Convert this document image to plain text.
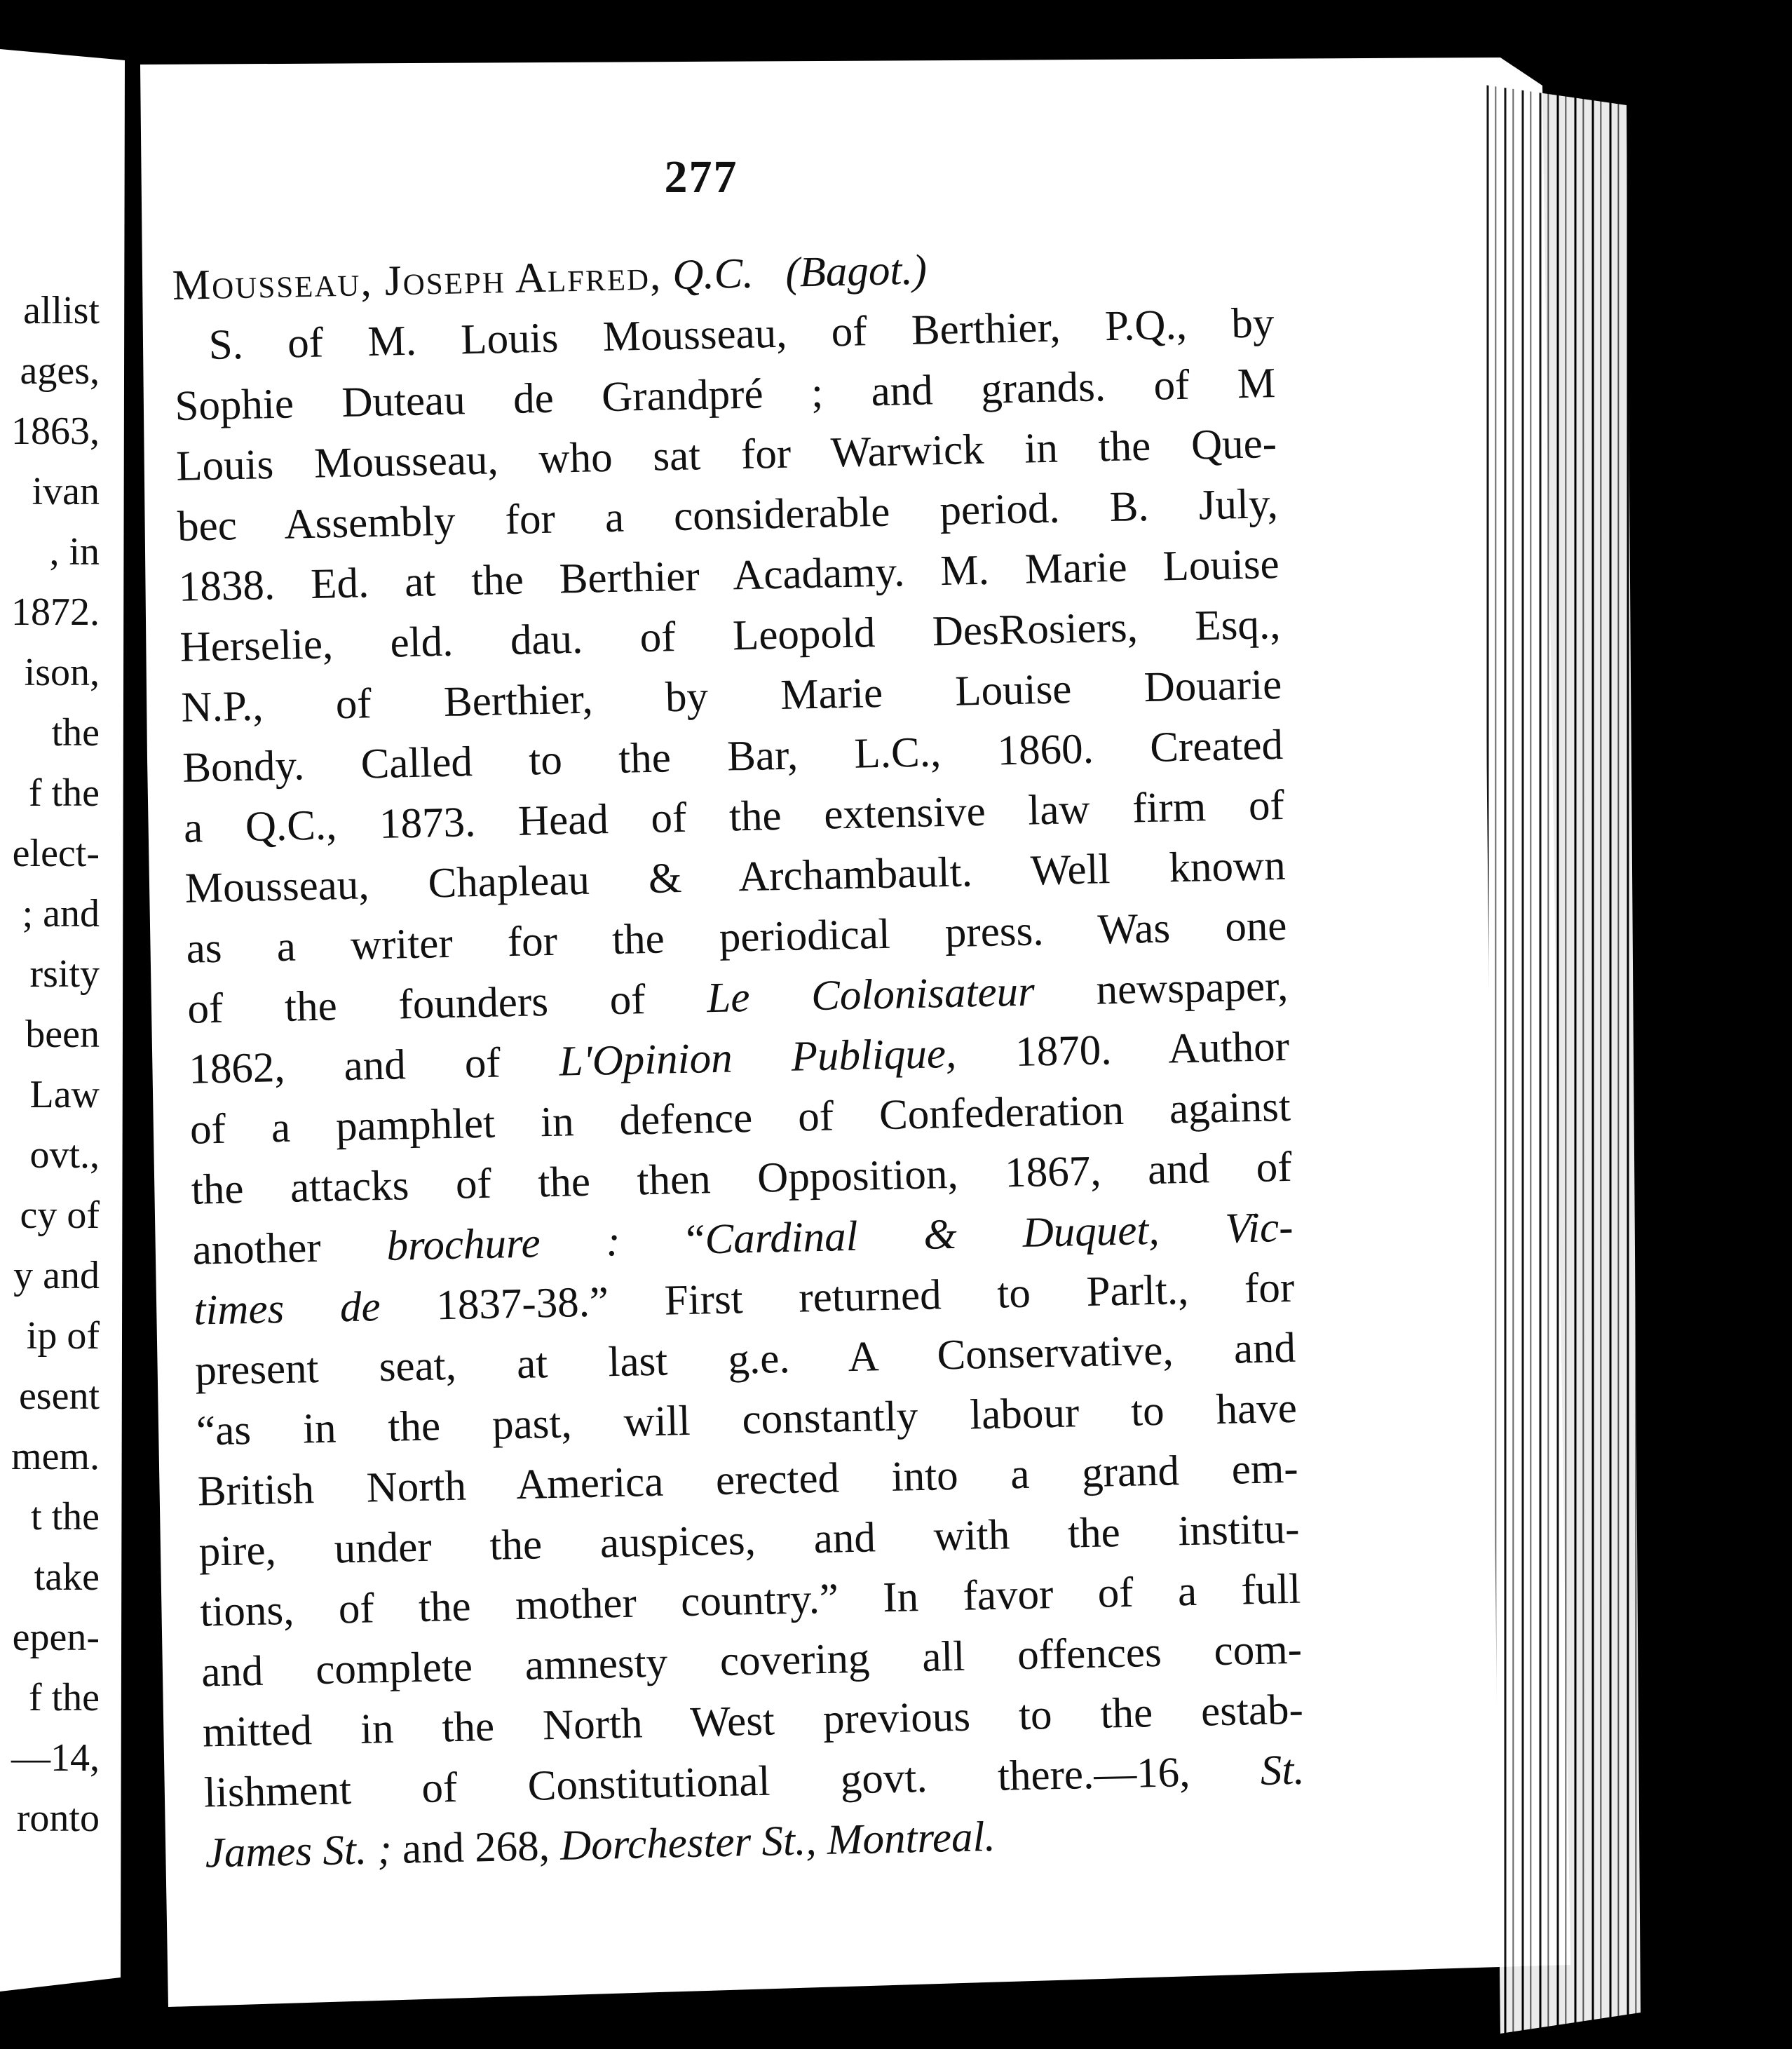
277
Mousseau, Joseph Alfred, Q.C. (Bagot.)
S. of M. Louis Mousseau, of Berthier, P.Q., by
Sophie Duteau de Grandpré ; and grands. of M
Louis Mousseau, who sat for Warwick in the Que-
bec Assembly for a considerable period. B. July,
1838. Ed. at the Berthier Acadamy. M. Marie Louise
Herselie, eld. dau. of Leopold DesRosiers, Esq.,
N.P., of Berthier, by Marie Louise Douarie
Bondy. Called to the Bar, L.C., 1860. Created
a Q.C., 1873. Head of the extensive law firm of
Mousseau, Chapleau & Archambault. Well known
as a writer for the periodical press. Was one
of the founders of Le Colonisateur newspaper,
1862, and of L'Opinion Publique, 1870. Author
of a pamphlet in defence of Confederation against
the attacks of the then Opposition, 1867, and of
another brochure : “Cardinal & Duquet, Vic-
times de 1837-38.” First returned to Parlt., for
present seat, at last g.e. A Conservative, and
“as in the past, will constantly labour to have
British North America erected into a grand em-
pire, under the auspices, and with the institu-
tions, of the mother country.” In favor of a full
and complete amnesty covering all offences com-
mitted in the North West previous to the estab-
lishment of Constitutional govt. there.—16, St.
James St. ; and 268, Dorchester St., Montreal.
allist
ages,
1863,
ivan
, in
1872.
ison,
the
f the
elect-
; and
rsity
been
Law
ovt.,
cy of
y and
ip of
esent
mem.
t the
take
epen-
f the
—14,
ronto
